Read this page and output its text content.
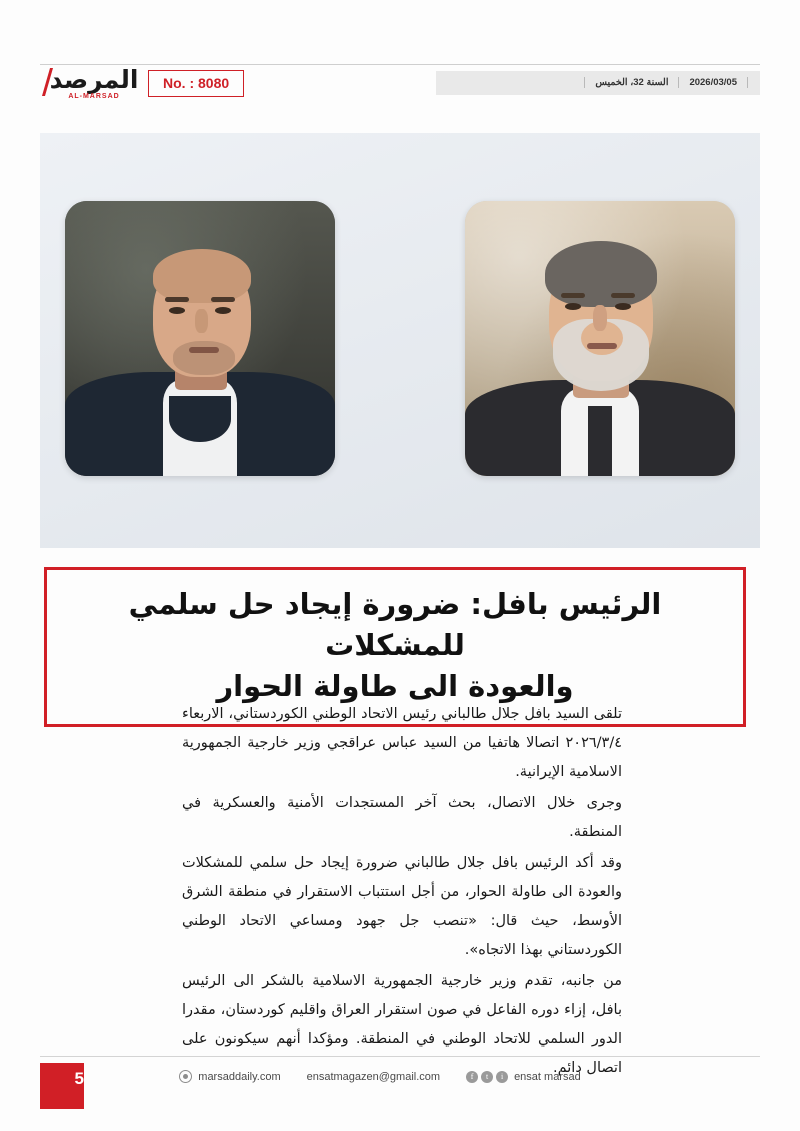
المرصد
AL-MARSAD
No. : 8080	2026/03/05
السنة 32، الخميس
الرئيس بافل: ضرورة إيجاد حل سلمي للمشكلات
والعودة الى طاولة الحوار

تلقى السيد بافل جلال طالباني رئيس الاتحاد الوطني الكوردستاني، الاربعاء ٢٠٢٦/٣/٤ اتصالا هاتفيا من السيد عباس عراقجي وزير خارجية الجمهورية الاسلامية الإيرانية.

وجرى خلال الاتصال، بحث آخر المستجدات الأمنية والعسكرية في المنطقة.

وقد أكد الرئيس بافل جلال طالباني ضرورة إيجاد حل سلمي للمشكلات والعودة الى طاولة الحوار، من أجل استتباب الاستقرار في منطقة الشرق الأوسط، حيث قال: «تنصب جل جهود ومساعي الاتحاد الوطني الكوردستاني بهذا الاتجاه».

من جانبه، تقدم وزير خارجية الجمهورية الاسلامية بالشكر الى الرئيس بافل، إزاء دوره الفاعل في صون استقرار العراق واقليم كوردستان، مقدرا الدور السلمي للاتحاد الوطني في المنطقة. ومؤكدا أنهم سيكونون على اتصال دائم.

5	marsaddaily.com ensatmagazen@gmail.com	f	t	i ensat marsad
